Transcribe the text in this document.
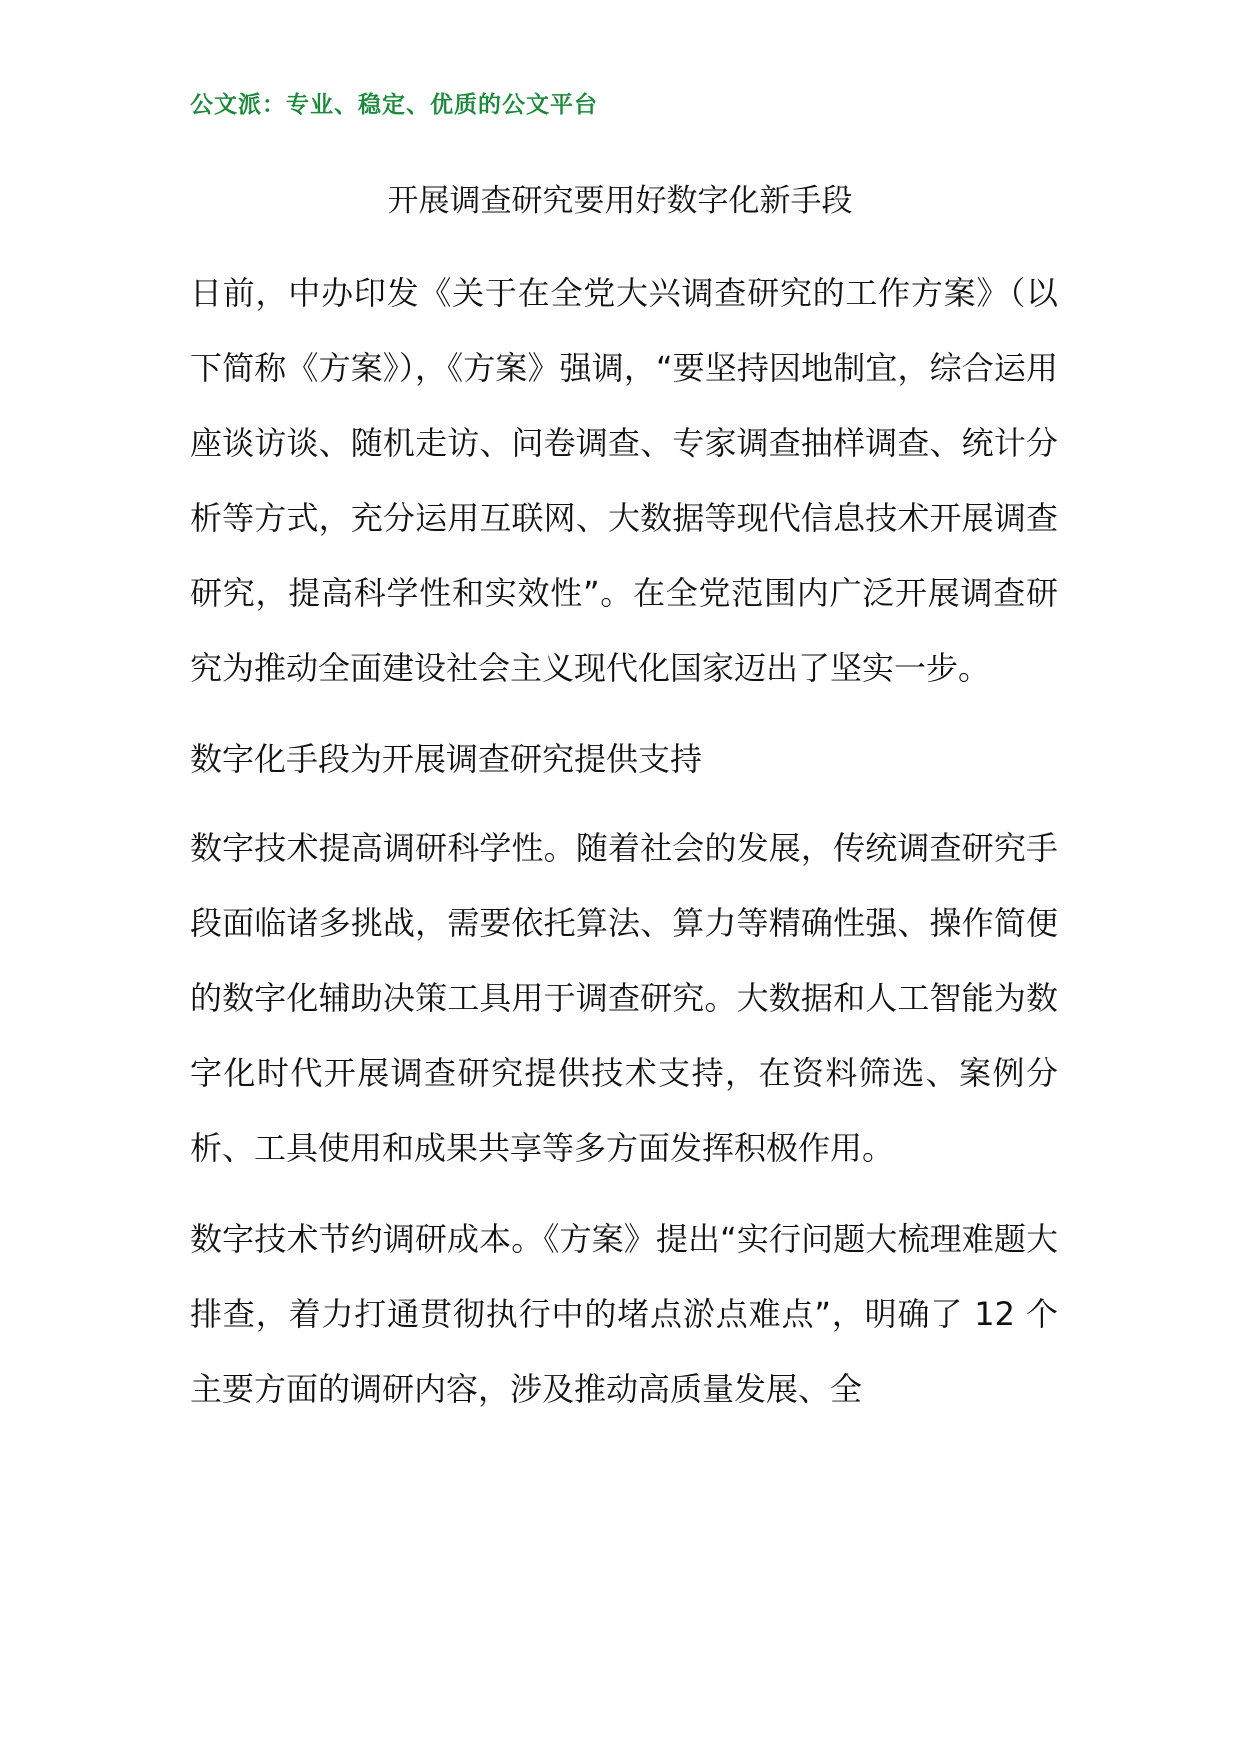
公文派：专业、稳定、优质的公文平台
开展调查研究要用好数字化新手段

日前，中办印发《关于在全党大兴调查研究的工作方案》（以下简称《方案》），《方案》强调，“要坚持因地制宜，综合运用座谈访谈、随机走访、问卷调查、专家调查抽样调查、统计分析等方式，充分运用互联网、大数据等现代信息技术开展调查研究，提高科学性和实效性”。在全党范围内广泛开展调查研究为推动全面建设社会主义现代化国家迈出了坚实一步。

数字化手段为开展调查研究提供支持

数字技术提高调研科学性。随着社会的发展，传统调查研究手段面临诸多挑战，需要依托算法、算力等精确性强、操作简便的数字化辅助决策工具用于调查研究。大数据和人工智能为数字化时代开展调查研究提供技术支持，在资料筛选、案例分析、工具使用和成果共享等多方面发挥积极作用。

数字技术节约调研成本。《方案》提出“实行问题大梳理难题大排查，着力打通贯彻执行中的堵点淤点难点”，明确了 12 个主要方面的调研内容，涉及推动高质量发展、全
